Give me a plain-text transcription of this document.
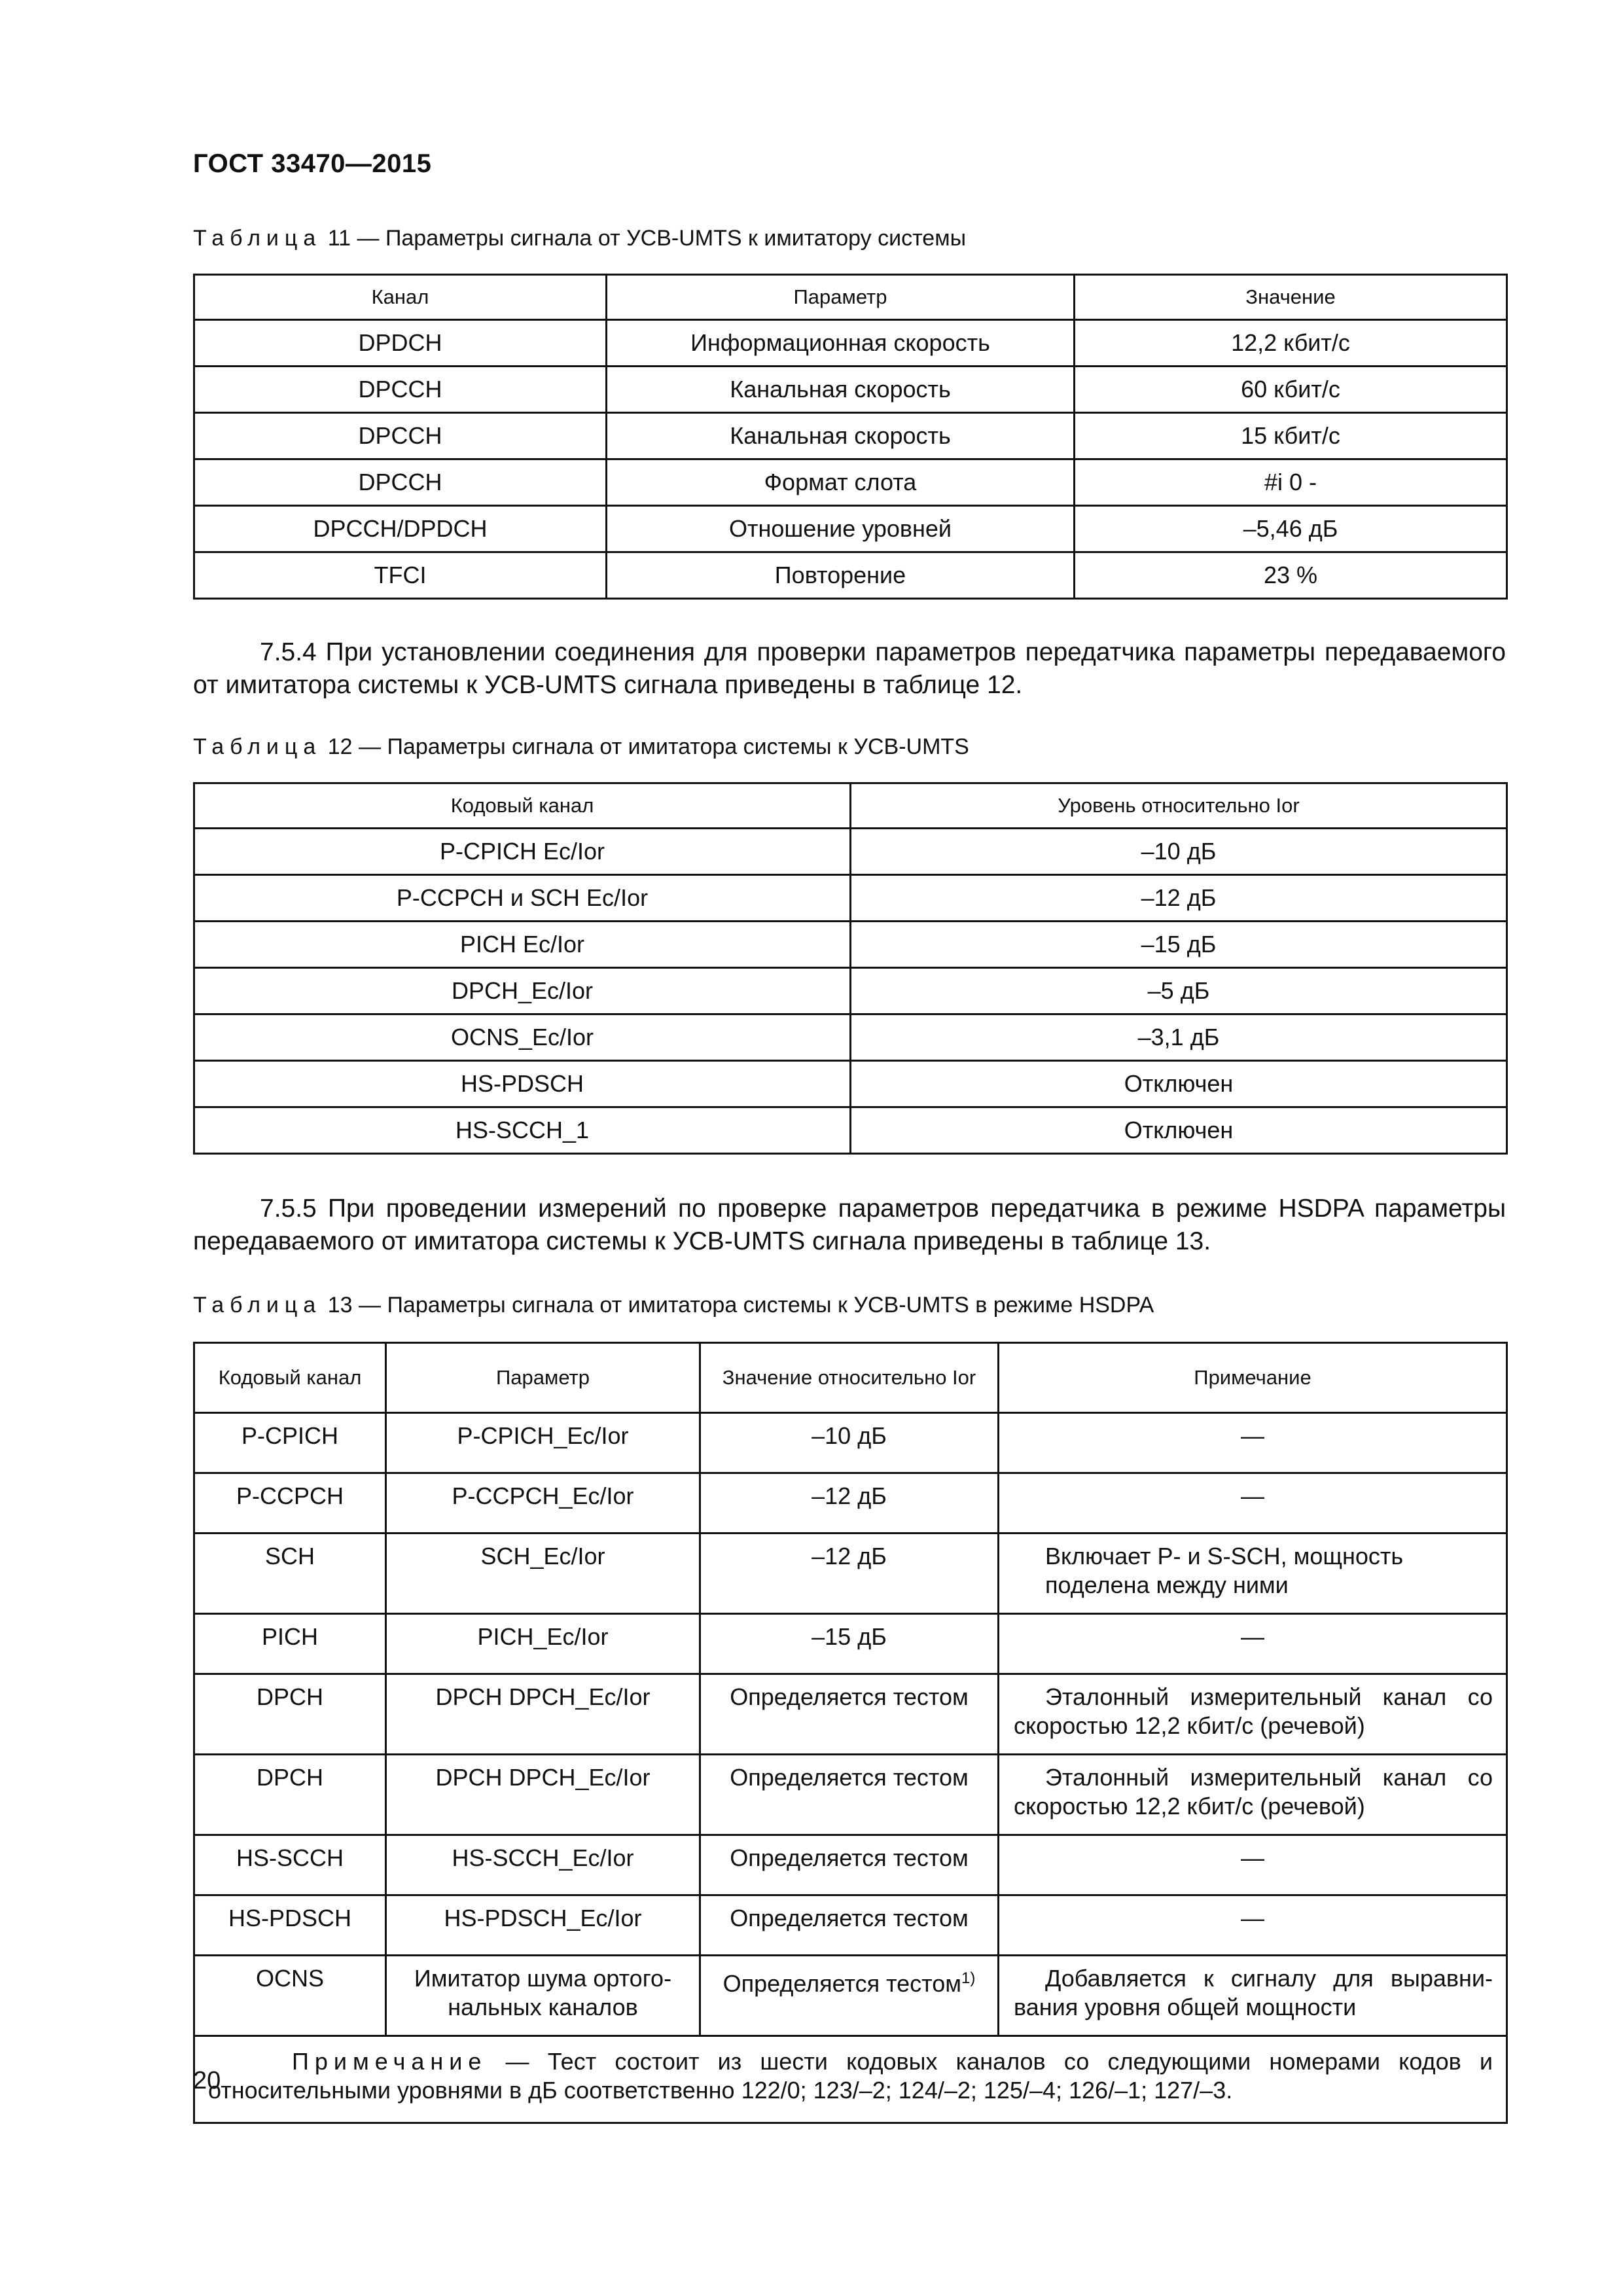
ГОСТ 33470—2015
Таблица 11 — Параметры сигнала от УСВ-UMTS к имитатору системы
Канал	Параметр	Значение
DPDCH	Информационная скорость	12,2 кбит/с
DPCCH	Канальная скорость	60 кбит/с
DPCCH	Канальная скорость	15 кбит/с
DPCCH	Формат слота	#i 0 -
DPCCH/DPDCH	Отношение уровней	–5,46 дБ
TFCI	Повторение	23 %
7.5.4 При установлении соединения для проверки параметров передатчика параметры передаваемого от имитатора системы к УСВ-UMTS сигнала приведены в таблице 12.
Таблица 12 — Параметры сигнала от имитатора системы к УСВ-UMTS
Кодовый канал	Уровень относительно Ior
P-CPICH Ec/Ior	–10 дБ
P-CCPCH и SCH Ec/Ior	–12 дБ
PICH Ec/Ior	–15 дБ
DPCH_Ec/Ior	–5 дБ
OCNS_Ec/Ior	–3,1 дБ
HS-PDSCH	Отключен
HS-SCCH_1	Отключен
7.5.5 При проведении измерений по проверке параметров передатчика в режиме HSDPA параметры передаваемого от имитатора системы к УСВ-UMTS сигнала приведены в таблице 13.
Таблица 13 — Параметры сигнала от имитатора системы к УСВ-UMTS в режиме HSDPA
Кодовый канал	Параметр	Значение относительно Ior	Примечание
P-CPICH	P-CPICH_Ec/Ior	–10 дБ	—
P-CCPCH	P-CCPCH_Ec/Ior	–12 дБ	—
SCH	SCH_Ec/Ior	–12 дБ	Включает P- и S-SCH, мощность поделена между ними
PICH	PICH_Ec/Ior	–15 дБ	—
DPCH	DPCH DPCH_Ec/Ior	Определяется тестом	Эталонный измерительный канал со скоростью 12,2 кбит/с (речевой)
DPCH	DPCH DPCH_Ec/Ior	Определяется тестом	Эталонный измерительный канал со скоростью 12,2 кбит/с (речевой)
HS-SCCH	HS-SCCH_Ec/Ior	Определяется тестом	—
HS-PDSCH	HS-PDSCH_Ec/Ior	Определяется тестом	—
OCNS	Имитатор шума ортого-нальных каналов	Определяется тестом$^{1)}$	Добавляется к сигналу для выравни-вания уровня общей мощности
Примечание — Тест состоит из шести кодовых каналов со следующими номерами кодов и относительными уровнями в дБ соответственно 122/0; 123/–2; 124/–2; 125/–4; 126/–1; 127/–3.			
20
